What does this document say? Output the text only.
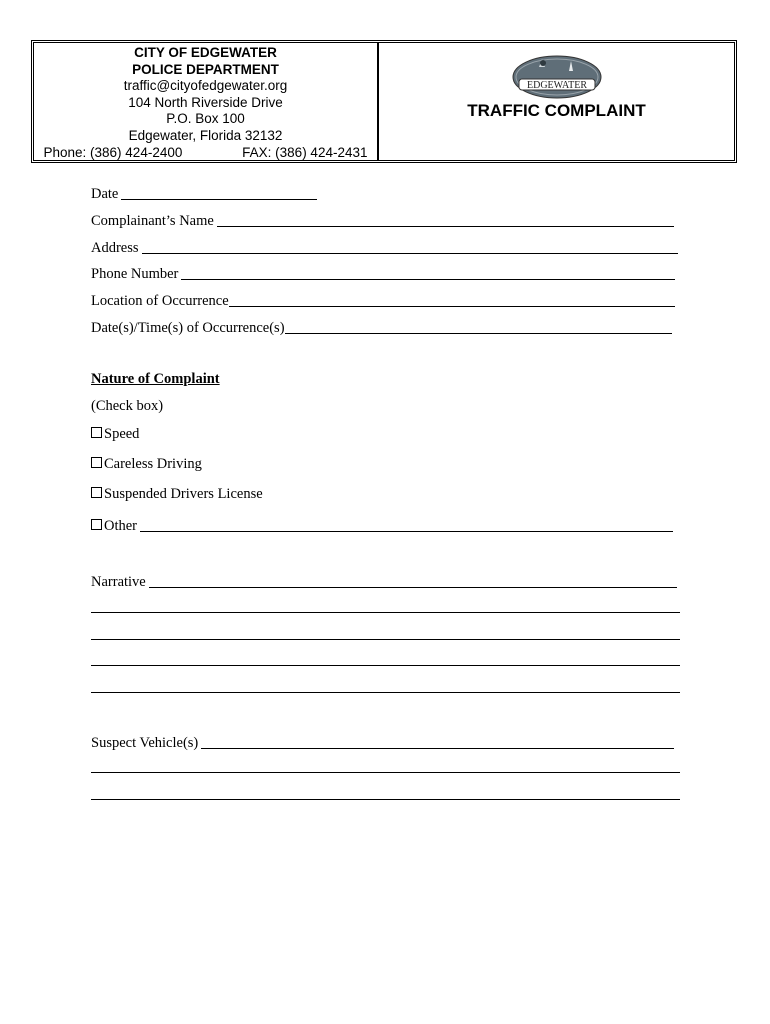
CITY OF EDGEWATER
POLICE DEPARTMENT
traffic@cityofedgewater.org
104 North Riverside Drive
P.O. Box 100
Edgewater, Florida 32132
Phone: (386) 424-2400	FAX: (386) 424-2431
EDGEWATER
TRAFFIC COMPLAINT
Date
Complainant’s Name
Address
Phone Number
Location of Occurrence
Date(s)/Time(s) of Occurrence(s)
Nature of Complaint
(Check box)
Speed
Careless Driving
Suspended Drivers License
Other
Narrative
Suspect Vehicle(s)
